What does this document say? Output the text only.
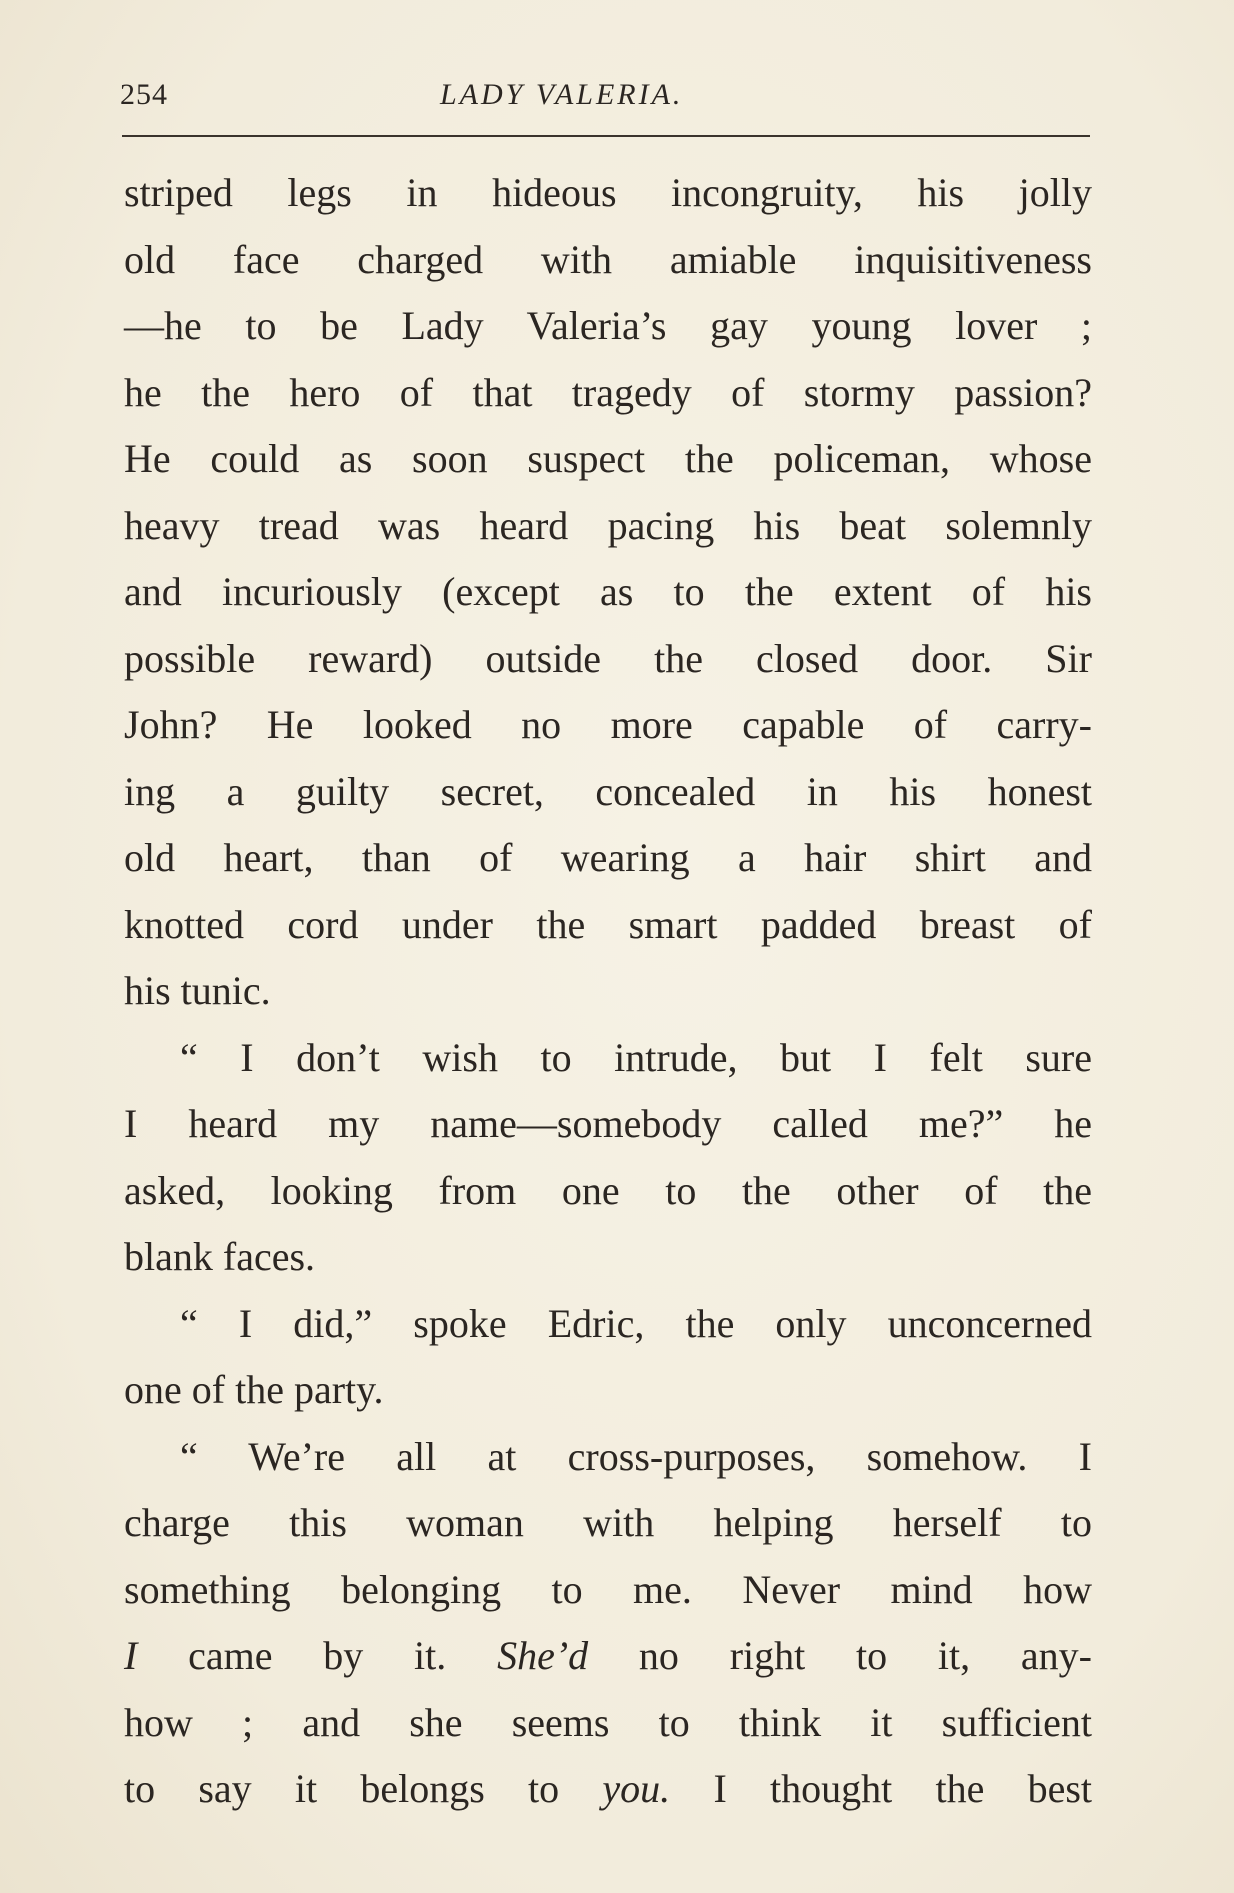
254	LADY VALERIA.
striped legs in hideous incongruity, his jolly
old face charged with amiable inquisitiveness
—he to be Lady Valeria’s gay young lover ;
he the hero of that tragedy of stormy passion?
He could as soon suspect the policeman, whose
heavy tread was heard pacing his beat solemnly
and incuriously (except as to the extent of his
possible reward) outside the closed door. Sir
John? He looked no more capable of carry-
ing a guilty secret, concealed in his honest
old heart, than of wearing a hair shirt and
knotted cord under the smart padded breast of
his tunic.
“ I don’t wish to intrude, but I felt sure
I heard my name—somebody called me?” he
asked, looking from one to the other of the
blank faces.
“ I did,” spoke Edric, the only unconcerned
one of the party.
“ We’re all at cross-purposes, somehow. I
charge this woman with helping herself to
something belonging to me. Never mind how
I came by it. She’d no right to it, any-
how ; and she seems to think it sufficient
to say it belongs to you. I thought the best
